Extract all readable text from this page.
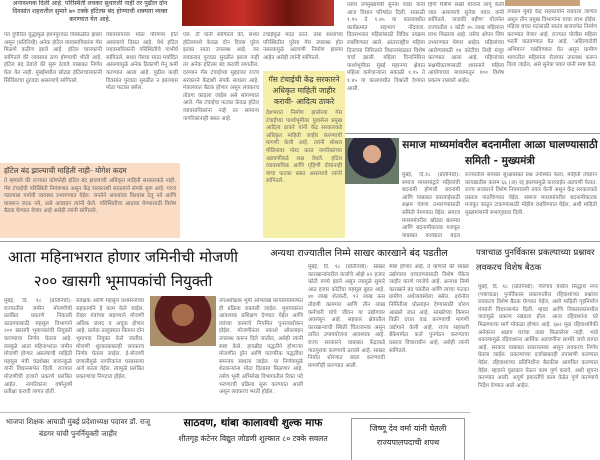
अनावश्यक दिली आहे. परिस्थिती लवकर सुधारली नाही तर पुढील दोन दिवसांत शहरातील सुमारे ७० टक्के हॉटेल्स बंद होण्याची शक्यता व्यक्त करण्यात येत आहे.
गत दुपौरीत युद्धामुळे इंधनपुरवठा विस्कळीत झाला असून (प्रतिनिधी) अनेक हॉटेल व्यावसायिकांना गॅस मिळणे कठीण झाले आहे. हॉटेल चालकांनी सांगितले की व्यवसाय ठप्प होण्याची भीती आहे. हॉटेल बंद ठेवावे की सुरू ठेवावे याबाबत निर्णय घेता येत नाही. मुंबईमधील छोट्या हॉटेलचालकांनी सिलिंडरचा तुटवडा असल्याचे सांगितले.
व्यावसायावर मोठा परिणाम होत असल्याचे दिसत आहे. येथे हॉटेल व्यावसायिकांनी परिस्थितीचे गांभीर्य सांगितले. सध्या गॅसचा साठा मर्यादित असल्यामुळे अनेक ठिकाणी मेनू कमी करण्यात आला आहे. पुढील काही दिवसांत पुरवठा सुरळीत न झाल्यास मोठा फटका बसेल.
एस. टी यांनी सांगितले की, सध्या हॉटेलमध्ये केवळ दोन दिवस पुरेल इतका साठा उपलब्ध आहे. जर लवकरात पुरवठा सुरळीत झाला नाही तर अनेक हॉटेल्स बंद करावी लागतील. दरम्यान गॅस टंचाईच्या मुद्द्यावर राज्य सरकारने केंद्राशी संपर्क साधला आहे. मंत्रालयात बैठक होणार असून लवकरच तोडगा काढला जाईल असे सांगण्यात आले. गॅस टंचाईचा फटका केवळ हॉटेल व्यावसायिकांना नव्हे तर सामान्य नागरिकांनाही बसत आहे.
टंचाईमुळे मदत ठरते. तसा सध्याच्या परिस्थितीत पुरेसा गॅस उपलब्ध होत नसल्यामुळे अडचणी निर्माण झाल्या आहेत असेही त्यांनी सांगितले.
हॉटेल बंद झाल्याची माहिती नाही- योगेश कदम
ते म्हणाले की राज्यात कोणतेही हॉटेल बंद झाल्याची अधिकृत माहिती सरकारकडे नाही. गॅस टंचाईची परिस्थिती नियंत्रणात असून केंद्र सरकारशी सातत्याने संपर्क सुरू आहे. गरज पडल्यास पर्यायी व्यवस्था उभारण्यात येईल. जनतेने अफवांवर विश्वास ठेवू नये आणि घाबरून जाऊ नये, असे आवाहन त्यांनी केले. परिस्थितीचा आढावा घेण्यासाठी विशेष बैठक घेण्यात येणार आहे असेही त्यांनी सांगितले.
गॅस टंचाईची केंद्र सरकारने अधिकृत माहिती जाहीर करावी- आदित्य ठाकरे
देशभरात निर्माण झालेल्या गॅस टंचाईच्या पार्श्वभूमीवर युवासेना प्रमुख आदित्य ठाकरे यांनी केंद्र सरकारकडे अधिकृत माहिती जाहीर करण्याची मागणी केली आहे. त्यांनी सोशल मीडियावर पोस्ट करत नागरिकांच्या अडचणींकडे लक्ष वेधले. हॉटेल व्यावसायिक आणि गृहिणी दोघांनाही याचा फटका बसत असल्याचे त्यांनी सांगितले.
तसेच उपमुख्यमंत्री सुनेत्रा पवार यांनी आज विधान परिषदेत दिली. सकाळी १.१५ ते १.४५ या कालावधीत कार्यक्रमात सहभाग नोंदवला. दिवसभरात महिलांसाठी विविध उपक्रम राबविण्यात आले. आंतरराष्ट्रीय महिला दिनाच्या निमित्ताने विधानमंडळात विशेष चर्चा झाली. महिला दिनानिमित्त पार्श्वभूमीवर मुंबई महानगर क्षेत्रात महिला कर्मचाऱ्यांना सकाळी १.१५ ते १.४५ या कालावधीत विश्रांती देण्यात आली.
हिंगी मैत्रीण सखी योजना लागू केली जात असल्याचे सुनेत्रा पवार यांनी सांगितले. 'लाडकी बहीण' योजनेत राज्यातील २ कोटी ४५ लाख महिलांना लाभ मिळाला आहे. तसेच ओपन जिम उभारण्यात येणार आहेत. महिलांच्या आरोग्यासाठी १४ कोटींचा निधी मंजूर करण्यात आला आहे. महिलांच्या सक्षमीकरणासाठी शासनाने महिला आयोगाच्या माध्यमातून १०० विशेष प्रकल्प राबवले आहेत.
उपक्रम मुंबई केंद्र सहकार्याने राबवला जाणार असून तीन प्रमुख विभागांना याचा लाभ होईल. महिला बचत गटांसाठी स्वतंत्र बाजारपेठ निर्माण करण्यात येणार आहे. राज्यात पोलीस महिला भरती वाढवण्यात येत आहे. 'अहिल्यादेवी अभियान' राबविण्यात येत असून ग्रामीण भागातील महिलांना रोजगार उपलब्ध करून दिला जाईल, असे सुनेत्रा पवार यांनी स्पष्ट केले.
समाज माध्यमांवरील बदनामीला आळा घालण्यासाठी समिती - मुख्यमंत्री
मुंबई, दि.१८ (प्रतिनिधी): समाज माध्यमांद्वारे महिलांची बदनामी होणारी बदनामी आणि याबाबत कारवाईसाठी सक्षम यंत्रणा उभारण्यासाठी समिती नेमण्यात येईल. समाज माध्यमांवरील खोट्या बातम्या आणि बदनामीकारक मजकूर याबाबत कायद्यात बदल
राज्यातील सायबर सुरक्षेबाबत प्रश्न उपस्थित केला. माहिती तंत्रज्ञान कायद्यातील कलम ६६ (अ) रद्द झाल्यामुळे कारवाईत अडचणी येतात. राज्य सरकारने विशेष नियमावली तयार केली असून केंद्र सरकारकडे प्रस्ताव पाठविण्यात येईल. समाज माध्यमांवरील बदनामीकारक मजकूर काढून टाकण्यासाठी मोहीम राबविण्यात येईल, अशी माहिती मुख्यमंत्र्यांनी सभागृहाला दिली.
आता महिनाभरात होणार जमिनीची मोजणी
२०० खासगी भूमापकांची नियुक्ती
मुंबई, दि. १८ (प्रतिनिधी): राज्यातील जमीन मोजणीची प्रलंबित प्रकरणे निकाली काढण्यासाठी महसूल विभागाने २०० खासगी भूमापकांची नियुक्ती करण्याचा निर्णय घेतला आहे. त्यामुळे आता महिनाभरात जमीन मोजणी होणार असल्याची माहिती महसूल मंत्री चंद्रशेखर बावनकुळे यांनी विधानसभेत दिली. राज्यात मोजणीची हजारो प्रकरणे प्रलंबित आहेत. नागरिकांना वर्षानुवर्षे प्रतीक्षा करावी लागत होती.
सर्वेक्षक आणि महसूल प्रशासनाच्या सहकार्याने हे काम केले जाईल. रोव्हर यंत्रांच्या सहाय्याने मोजणी अधिक जलद व अचूक होणार आहे. प्रत्येक तालुक्यात किमान दोन भूमापक नियुक्त केले जातील. मोजणी शुल्काबाबतही लवकरच निर्णय घेतला जाईल. ई-मोजणी प्रणालीमुळे नागरिकांना घरबसल्या अर्ज करता येईल. त्यामुळे प्रलंबित प्रकरणांचा निपटारा होईल.
उपअधीक्षक भूमी अभिलेख कार्यालयांमार्फत ही प्रक्रिया राबवली जाईल. भूमापकांना आवश्यक प्रशिक्षण देण्यात येईल आणि त्यांच्या कामाचे नियमित पुनरावलोकन होईल. मोजणीनंतर नकाशे ऑनलाइन उपलब्ध करून दिले जातील, असेही त्यांनी स्पष्ट केले. हायब्रीड पद्धतीने होणाऱ्या मोजणीत ड्रोन आणि पारंपरिक पद्धतींचा समन्वय साधला जाईल. या निर्णयामुळे शेतकऱ्यांना मोठा दिलासा मिळणार आहे. तसेच भूमी अभिलेख विभागातील रिक्त पदे भरण्याची प्रक्रिया सुरू करण्यात आली असून लवकरच भरती होईल.
अन्यथा राज्यातील निम्मे साखर कारखाने बंद पडतील
मुंबई, दि. १८ (प्रतिनिधी): साखर कारखान्यांवरील कर्जाचे ओझे ४२ हजार कोटी रुपये झाले असून त्यामुळे सुमारे आठ हजार कोटींचा महसूल बुडत आहे. ४० लाख शेतकरी, १२ लाख ऊस तोडणी कामगार आणि तीन लाख कर्मचारी यांचे जीवन या उद्योगावर अवलंबून आहे. सहकार क्षेत्रातील कारखान्यांची स्थिती चिंताजनक असून त्वरित उपाययोजना आवश्यक आहे. राज्य सरकारने याबाबत केंद्राकडे पाठपुरावा करण्याचे ठरवले आहे. साखर निर्यात धोरणात बदल करण्याची मागणीही करण्यात आली.
स्पष्ट होणार आहे. ते म्हणाले की साखर उद्योगाला वाचवण्यासाठी विशेष पॅकेज जाहीर करणे गरजेचे आहे. अन्यथा निम्मे कारखाने बंद पडतील आणि त्याचा फटका ग्रामीण अर्थव्यवस्थेला बसेल. इथेनॉल निर्मितीला प्रोत्साहन देण्यासाठी धोरण आखले जात आहे. साखरेच्या किमान विक्री दरात वाढ करण्याची मागणी उद्योगाने केली आहे. राज्य सहकारी बँकेमार्फत कर्ज पुनर्गठन करण्याचा प्रस्ताव विचाराधीन आहे, असेही त्यांनी सांगितले.
पत्राचाळ पुनर्विकास प्रकल्पाच्या प्रश्नावर लवकरच विशेष बैठक
मुंबई, दि. १८ (प्रतिनिधी): गोरेगाव येथील सिद्धार्थ नगर (पत्राचाळ) पुनर्विकास प्रकल्पातील रहिवाशांच्या प्रश्नांवर लवकरच विशेष बैठक घेण्यात येईल, अशी माहिती गृहनिर्माण मंत्र्यांनी विधानसभेत दिली. म्हाडा आणि विकासकांमधील वादामुळे प्रकल्प रखडला होता. आता रहिवाशांना घरे मिळण्याचा मार्ग मोकळा होणार आहे. ६७२ मूळ रहिवाशांपैकी अनेकांना अद्याप घरांचा ताबा मिळालेला नाही. भाडे थकल्यामुळे रहिवाशांना आर्थिक अडचणींना सामोरे जावे लागत आहे. सरकार याबाबत सकारात्मक असून लवकरच निर्णय घेतला जाईल. प्रकल्पाच्या दर्जाबाबतही तपासणी करण्यात येईल. रहिवाशांच्या प्रतिनिधींना बैठकीस आमंत्रित करण्यात येईल. म्हाडाने पुढाकार घेऊन काम पूर्ण करावे, अशी सूचना करण्यात आली. अपूर्ण इमारतींचे काम वेळेत पूर्ण करण्याचे निर्देश देण्यात आले आहेत.
भाजपा शिक्षक आघाडी मुंबई प्रदेशाध्यक्ष पदावर डॉ. राजू बंडगर यांची पुनर्नियुक्ती जाहीर
साठवण, थांबा कालावधी शुल्क माफ
शीतगृह कंटेनर विद्युत जोडणी शुल्कात ८० टक्के सवलत
जिष्णू देव वर्मा यांनी घेतली राज्यपालपदाची शपथ
